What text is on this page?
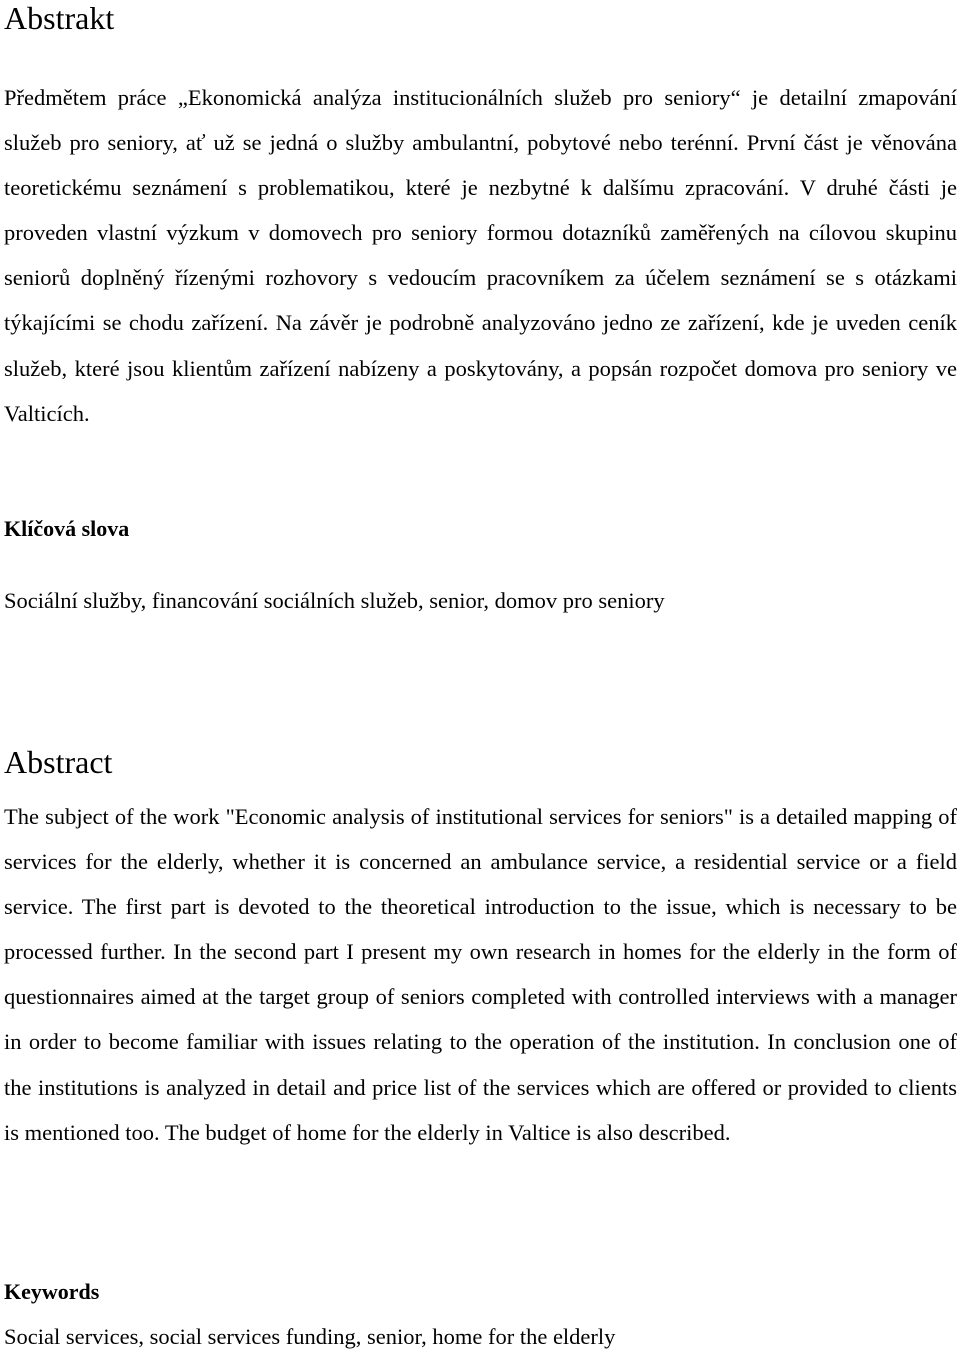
Abstrakt

Předmětem práce „Ekonomická analýza institucionálních služeb pro seniory“ je detailní zmapování služeb pro seniory, ať už se jedná o služby ambulantní, pobytové nebo terénní. První část je věnována teoretickému seznámení s problematikou, které je nezbytné k dalšímu zpracování. V druhé části je proveden vlastní výzkum v domovech pro seniory formou dotazníků zaměřených na cílovou skupinu seniorů doplněný řízenými rozhovory s vedoucím pracovníkem za účelem seznámení se s otázkami týkajícími se chodu zařízení. Na závěr je podrobně analyzováno jedno ze zařízení, kde je uveden ceník služeb, které jsou klientům zařízení nabízeny a poskytovány, a popsán rozpočet domova pro seniory ve Valticích.

Klíčová slova

Sociální služby, financování sociálních služeb, senior, domov pro seniory

Abstract

The subject of the work "Economic analysis of institutional services for seniors" is a detailed mapping of services for the elderly, whether it is concerned an ambulance service, a residential service or a field service. The first part is devoted to the theoretical introduction to the issue, which is necessary to be processed further. In the second part I present my own research in homes for the elderly in the form of questionnaires aimed at the target group of seniors completed with controlled interviews with a manager in order to become familiar with issues relating to the operation of the institution. In conclusion one of the institutions is analyzed in detail and price list of the services which are offered or provided to clients is mentioned too. The budget of home for the elderly in Valtice is also described.

Keywords

Social services, social services funding, senior, home for the elderly
